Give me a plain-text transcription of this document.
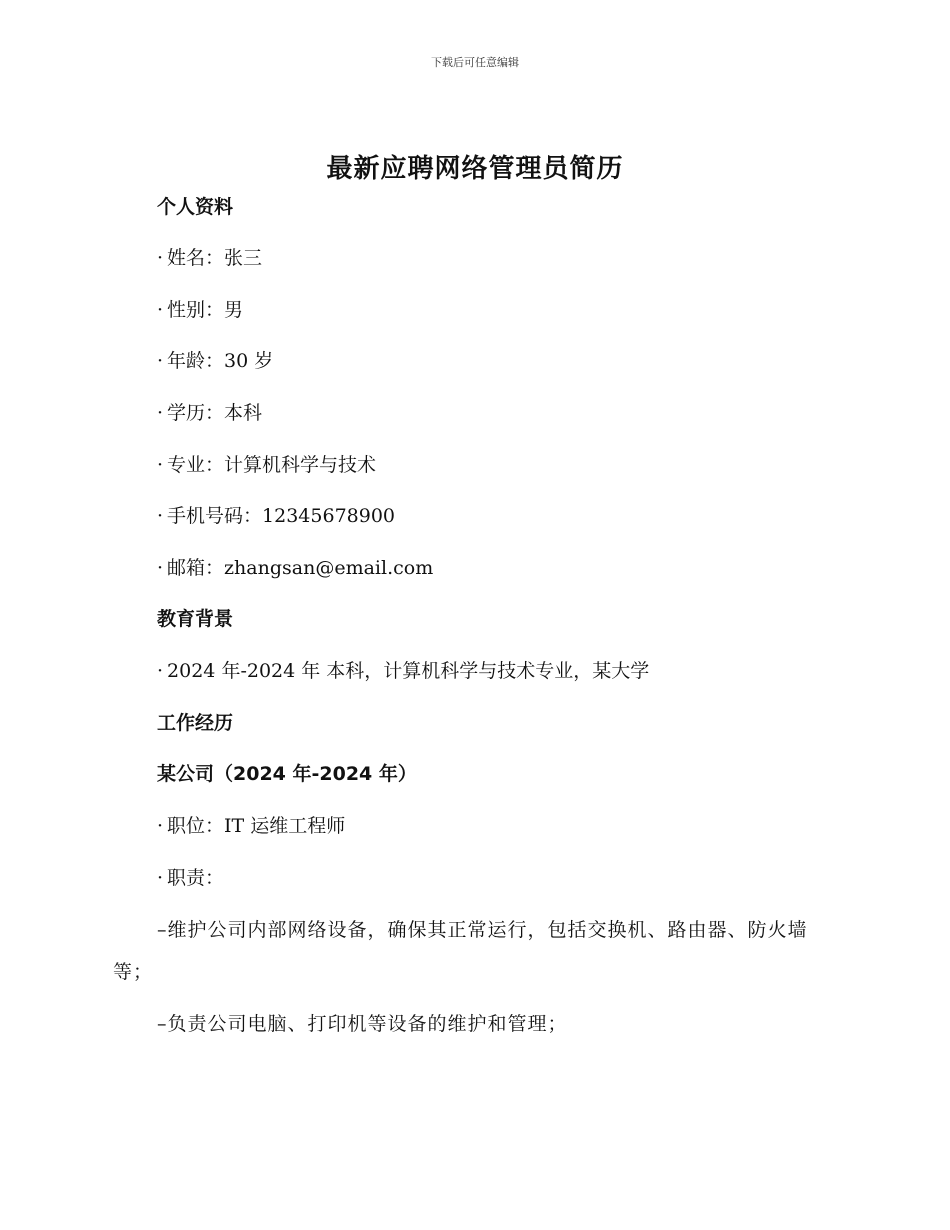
下载后可任意编辑
最新应聘网络管理员简历
个人资料
· 姓名：张三
· 性别：男
· 年龄：30 岁
· 学历：本科
· 专业：计算机科学与技术
· 手机号码：12345678900
· 邮箱：zhangsan@email.com
教育背景
· 2024 年-2024 年 本科，计算机科学与技术专业，某大学
工作经历
某公司（2024 年-2024 年）
· 职位：IT 运维工程师
· 职责：
–维护公司内部网络设备，确保其正常运行，包括交换机、路由器、防火墙等；
–负责公司电脑、打印机等设备的维护和管理；
